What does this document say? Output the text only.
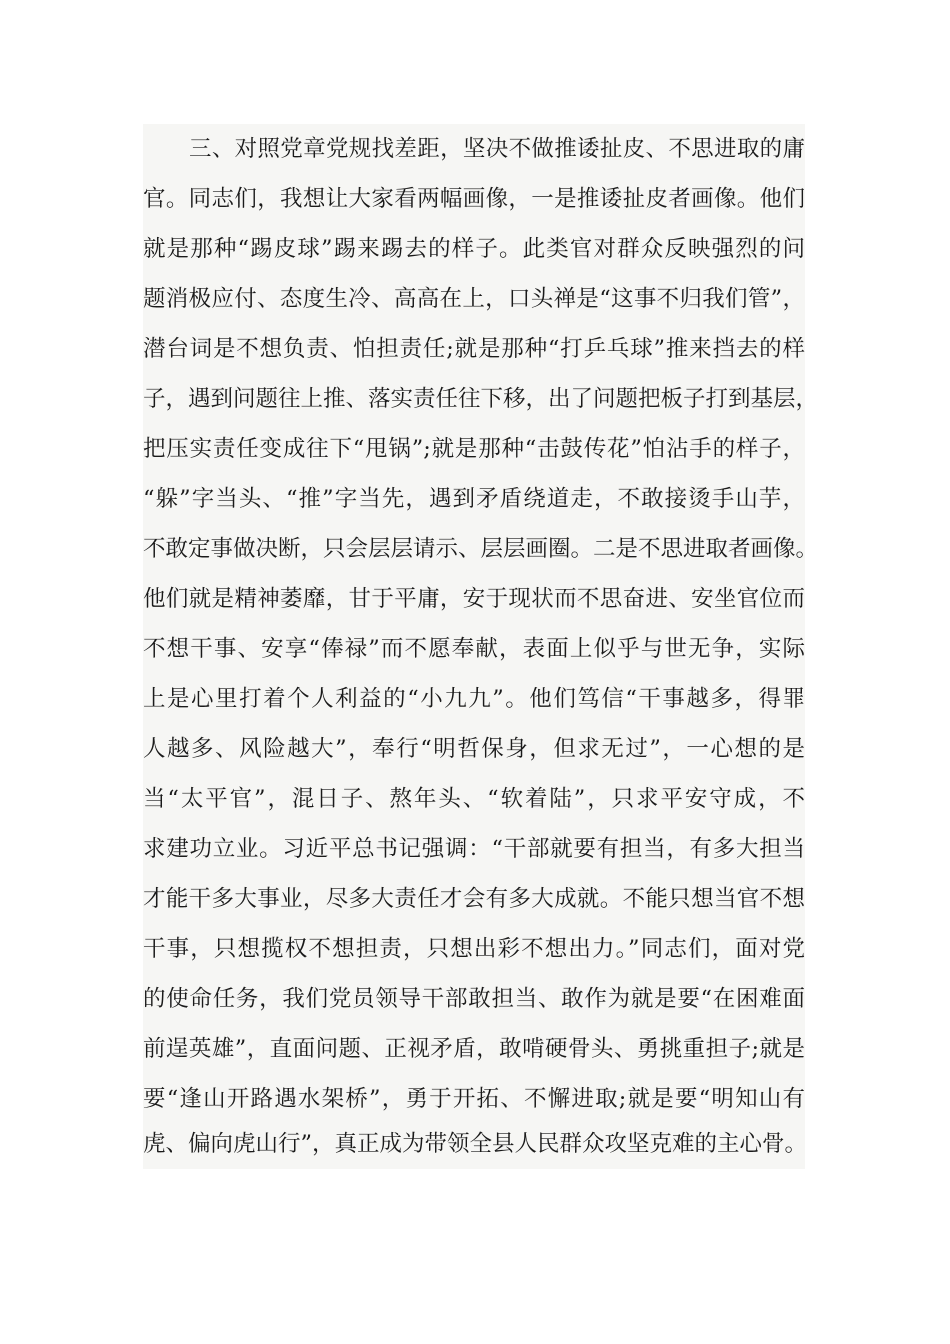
三、对照党章党规找差距，坚决不做推诿扯皮、不思进取的庸
官。同志们，我想让大家看两幅画像，一是推诿扯皮者画像。他们
就是那种“踢皮球”踢来踢去的样子。此类官对群众反映强烈的问
题消极应付、态度生冷、高高在上，口头禅是“这事不归我们管”，
潜台词是不想负责、怕担责任;就是那种“打乒乓球”推来挡去的样
子，遇到问题往上推、落实责任往下移，出了问题把板子打到基层，
把压实责任变成往下“甩锅”;就是那种“击鼓传花”怕沾手的样子，
“躲”字当头、“推”字当先，遇到矛盾绕道走，不敢接烫手山芋，
不敢定事做决断，只会层层请示、层层画圈。二是不思进取者画像。
他们就是精神萎靡，甘于平庸，安于现状而不思奋进、安坐官位而
不想干事、安享“俸禄”而不愿奉献，表面上似乎与世无争，实际
上是心里打着个人利益的“小九九”。他们笃信“干事越多，得罪
人越多、风险越大”，奉行“明哲保身，但求无过”，一心想的是
当“太平官”，混日子、熬年头、“软着陆”，只求平安守成，不
求建功立业。习近平总书记强调：“干部就要有担当，有多大担当
才能干多大事业，尽多大责任才会有多大成就。不能只想当官不想
干事，只想揽权不想担责，只想出彩不想出力。”同志们，面对党
的使命任务，我们党员领导干部敢担当、敢作为就是要“在困难面
前逞英雄”，直面问题、正视矛盾，敢啃硬骨头、勇挑重担子;就是
要“逢山开路遇水架桥”，勇于开拓、不懈进取;就是要“明知山有
虎、偏向虎山行”，真正成为带领全县人民群众攻坚克难的主心骨。
